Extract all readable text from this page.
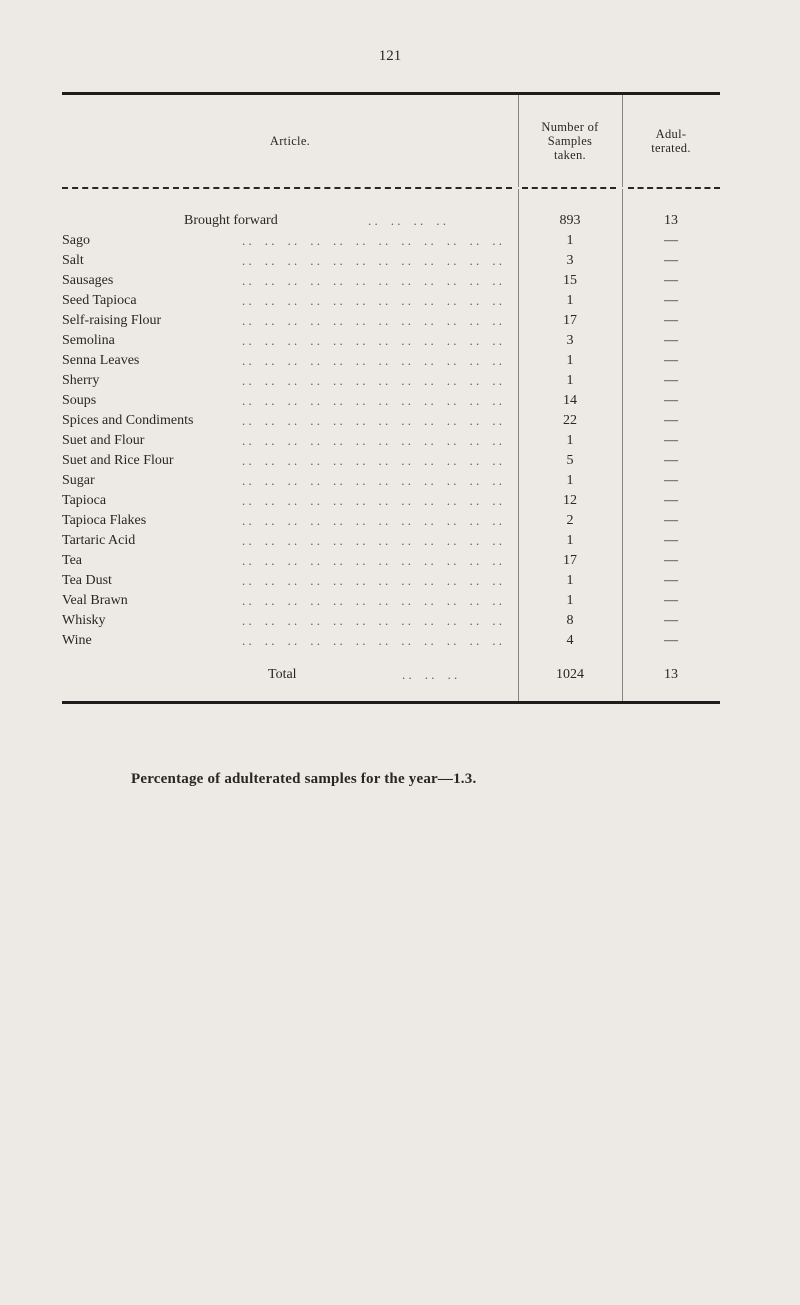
121
Article.
Number of
Samples
taken.
Adul-
terated.
Brought forward	. .    . .    . .    . .	893	13
Sago	. .    . .    . .    . .    . .    . .    . .    . .    . .    . .    . .    . .	1	—
Salt	. .    . .    . .    . .    . .    . .    . .    . .    . .    . .    . .    . .	3	—
Sausages	. .    . .    . .    . .    . .    . .    . .    . .    . .    . .    . .    . .	15	—
Seed Tapioca	. .    . .    . .    . .    . .    . .    . .    . .    . .    . .    . .    . .	1	—
Self-raising Flour	. .    . .    . .    . .    . .    . .    . .    . .    . .    . .    . .    . .	17	—
Semolina	. .    . .    . .    . .    . .    . .    . .    . .    . .    . .    . .    . .	3	—
Senna Leaves	. .    . .    . .    . .    . .    . .    . .    . .    . .    . .    . .    . .	1	—
Sherry	. .    . .    . .    . .    . .    . .    . .    . .    . .    . .    . .    . .	1	—
Soups	. .    . .    . .    . .    . .    . .    . .    . .    . .    . .    . .    . .	14	—
Spices and Condiments	. .    . .    . .    . .    . .    . .    . .    . .    . .    . .    . .    . .	22	—
Suet and Flour	. .    . .    . .    . .    . .    . .    . .    . .    . .    . .    . .    . .	1	—
Suet and Rice Flour	. .    . .    . .    . .    . .    . .    . .    . .    . .    . .    . .    . .	5	—
Sugar	. .    . .    . .    . .    . .    . .    . .    . .    . .    . .    . .    . .	1	—
Tapioca	. .    . .    . .    . .    . .    . .    . .    . .    . .    . .    . .    . .	12	—
Tapioca Flakes	. .    . .    . .    . .    . .    . .    . .    . .    . .    . .    . .    . .	2	—
Tartaric Acid	. .    . .    . .    . .    . .    . .    . .    . .    . .    . .    . .    . .	1	—
Tea	. .    . .    . .    . .    . .    . .    . .    . .    . .    . .    . .    . .	17	—
Tea Dust	. .    . .    . .    . .    . .    . .    . .    . .    . .    . .    . .    . .	1	—
Veal Brawn	. .    . .    . .    . .    . .    . .    . .    . .    . .    . .    . .    . .	1	—
Whisky	. .    . .    . .    . .    . .    . .    . .    . .    . .    . .    . .    . .	8	—
Wine	. .    . .    . .    . .    . .    . .    . .    . .    . .    . .    . .    . .	4	—
Total	. .    . .    . .	1024	13
Percentage of adulterated samples for the year—1.3.
